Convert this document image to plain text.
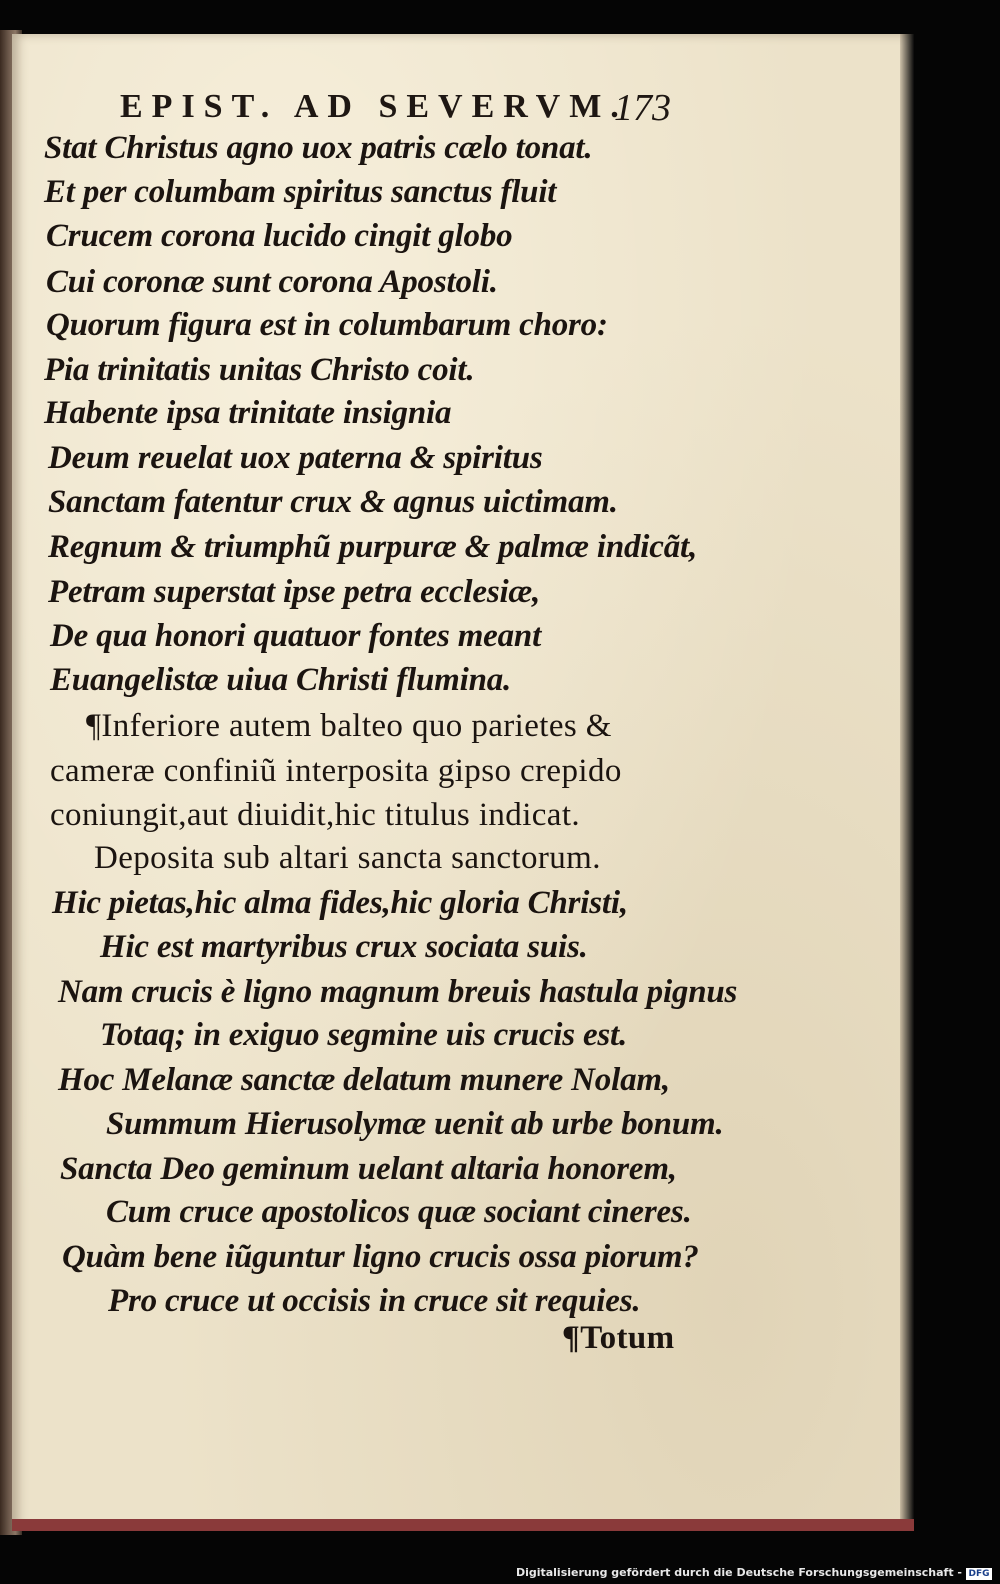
EPIST. AD SEVERVM.
173
Stat Christus agno uox patris cælo tonat.
Et per columbam spiritus sanctus fluit
Crucem corona lucido cingit globo
Cui coronæ sunt corona Apostoli.
Quorum figura est in columbarum choro:
Pia trinitatis unitas Christo coit.
Habente ipsa trinitate insignia
Deum reuelat uox paterna & spiritus
Sanctam fatentur crux & agnus uictimam.
Regnum & triumphũ purpuræ & palmæ indicãt,
Petram superstat ipse petra ecclesiæ,
De qua honori quatuor fontes meant
Euangelistæ uiua Christi flumina.
¶Inferiore autem balteo quo parietes &
cameræ confiniũ interposita gipso crepido
coniungit,aut diuidit,hic titulus indicat.
Deposita sub altari sancta sanctorum.
Hic pietas,hic alma fides,hic gloria Christi,
Hic est martyribus crux sociata suis.
Nam crucis è ligno magnum breuis hastula pignus
Totaq; in exiguo segmine uis crucis est.
Hoc Melanæ sanctæ delatum munere Nolam,
Summum Hierusolymæ uenit ab urbe bonum.
Sancta Deo geminum uelant altaria honorem,
Cum cruce apostolicos quæ sociant cineres.
Quàm bene iũguntur ligno crucis ossa piorum?
Pro cruce ut occisis in cruce sit requies.
¶Totum
Digitalisierung gefördert durch die Deutsche Forschungsgemeinschaft - DFG
